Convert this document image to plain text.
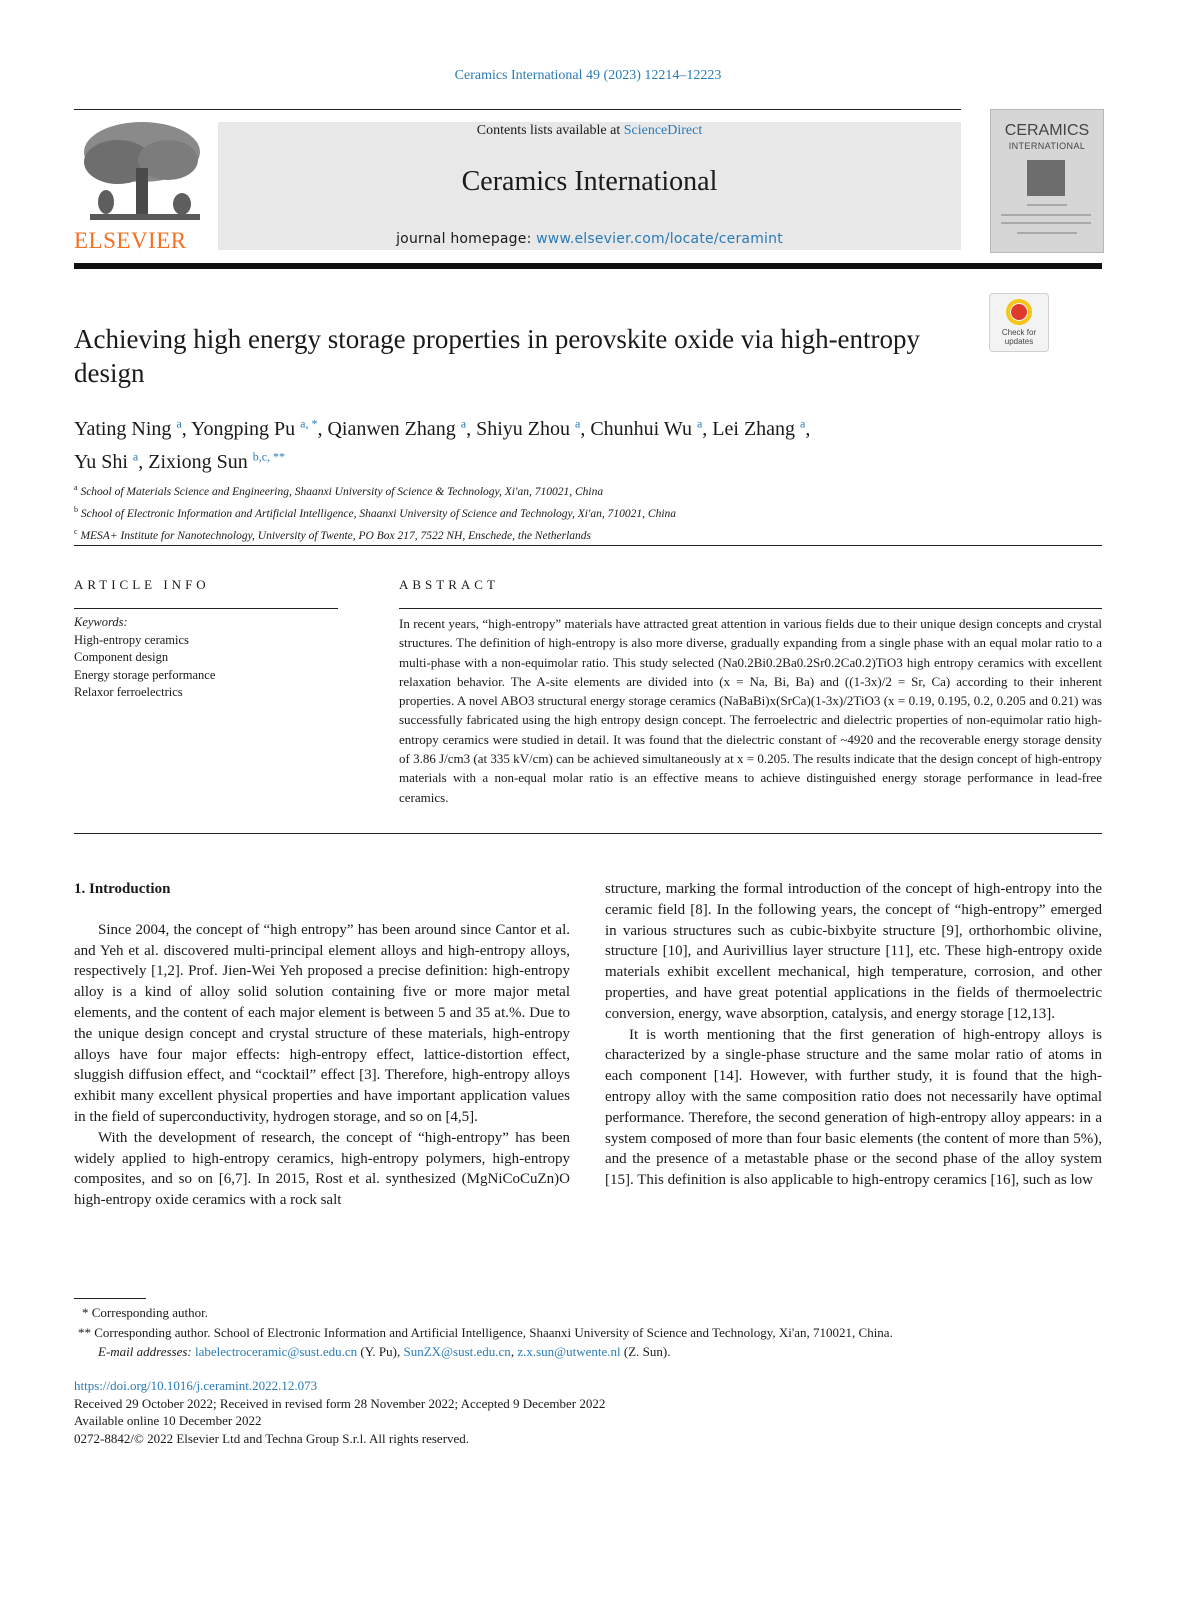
Ceramics International 49 (2023) 12214–12223
ELSEVIER
Contents lists available at ScienceDirect
Ceramics International
journal homepage: www.elsevier.com/locate/ceramint
CERAMICS
INTERNATIONAL
Check for
updates
Achieving high energy storage properties in perovskite oxide via high-entropy design
Yating Ning $^a$, Yongping Pu $^{a, *}$, Qianwen Zhang $^a$, Shiyu Zhou $^a$, Chunhui Wu $^a$, Lei Zhang $^a$,
Yu Shi $^a$, Zixiong Sun $^{b,c, **}$
$^a$ School of Materials Science and Engineering, Shaanxi University of Science & Technology, Xi'an, 710021, China
$^b$ School of Electronic Information and Artificial Intelligence, Shaanxi University of Science and Technology, Xi'an, 710021, China
$^c$ MESA+ Institute for Nanotechnology, University of Twente, PO Box 217, 7522 NH, Enschede, the Netherlands
ARTICLE INFO	ABSTRACT
Keywords:
High-entropy ceramics
Component design
Energy storage performance
Relaxor ferroelectrics
In recent years, “high-entropy” materials have attracted great attention in various fields due to their unique design concepts and crystal structures. The definition of high-entropy is also more diverse, gradually expanding from a single phase with an equal molar ratio to a multi-phase with a non-equimolar ratio. This study selected (Na0.2Bi0.2Ba0.2Sr0.2Ca0.2)TiO3 high entropy ceramics with excellent relaxation behavior. The A-site elements are divided into (x = Na, Bi, Ba) and ((1-3x)/2 = Sr, Ca) according to their inherent properties. A novel ABO3 structural energy storage ceramics (NaBaBi)x(SrCa)(1-3x)/2TiO3 (x = 0.19, 0.195, 0.2, 0.205 and 0.21) was successfully fabricated using the high entropy design concept. The ferroelectric and dielectric properties of non-equimolar ratio high-entropy ceramics were studied in detail. It was found that the dielectric constant of ~4920 and the recoverable energy storage density of 3.86 J/cm3 (at 335 kV/cm) can be achieved simultaneously at x = 0.205. The results indicate that the design concept of high-entropy materials with a non-equal molar ratio is an effective means to achieve distinguished energy storage performance in lead-free ceramics.

1. Introduction

Since 2004, the concept of “high entropy” has been around since Cantor et al. and Yeh et al. discovered multi-principal element alloys and high-entropy alloys, respectively [1,2]. Prof. Jien-Wei Yeh proposed a precise definition: high-entropy alloy is a kind of alloy solid solution containing five or more major metal elements, and the content of each major element is between 5 and 35 at.%. Due to the unique design concept and crystal structure of these materials, high-entropy alloys have four major effects: high-entropy effect, lattice-distortion effect, sluggish diffusion effect, and “cocktail” effect [3]. Therefore, high-entropy alloys exhibit many excellent physical properties and have important application values in the field of superconductivity, hydrogen storage, and so on [4,5].

With the development of research, the concept of “high-entropy” has been widely applied to high-entropy ceramics, high-entropy polymers, high-entropy composites, and so on [6,7]. In 2015, Rost et al. synthesized (MgNiCoCuZn)O high-entropy oxide ceramics with a rock salt

structure, marking the formal introduction of the concept of high-entropy into the ceramic field [8]. In the following years, the concept of “high-entropy” emerged in various structures such as cubic-bixbyite structure [9], orthorhombic olivine, structure [10], and Aurivillius layer structure [11], etc. These high-entropy oxide materials exhibit excellent mechanical, high temperature, corrosion, and other properties, and have great potential applications in the fields of thermoelectric conversion, energy, wave absorption, catalysis, and energy storage [12,13].

It is worth mentioning that the first generation of high-entropy alloys is characterized by a single-phase structure and the same molar ratio of atoms in each component [14]. However, with further study, it is found that the high-entropy alloy with the same composition ratio does not necessarily have optimal performance. Therefore, the second generation of high-entropy alloy appears: in a system composed of more than four basic elements (the content of more than 5%), and the presence of a metastable phase or the second phase of the alloy system [15]. This definition is also applicable to high-entropy ceramics [16], such as low

* Corresponding author.
** Corresponding author. School of Electronic Information and Artificial Intelligence, Shaanxi University of Science and Technology, Xi'an, 710021, China.
E-mail addresses: labelectroceramic@sust.edu.cn (Y. Pu), SunZX@sust.edu.cn, z.x.sun@utwente.nl (Z. Sun).
https://doi.org/10.1016/j.ceramint.2022.12.073
Received 29 October 2022; Received in revised form 28 November 2022; Accepted 9 December 2022
Available online 10 December 2022
0272-8842/© 2022 Elsevier Ltd and Techna Group S.r.l. All rights reserved.
